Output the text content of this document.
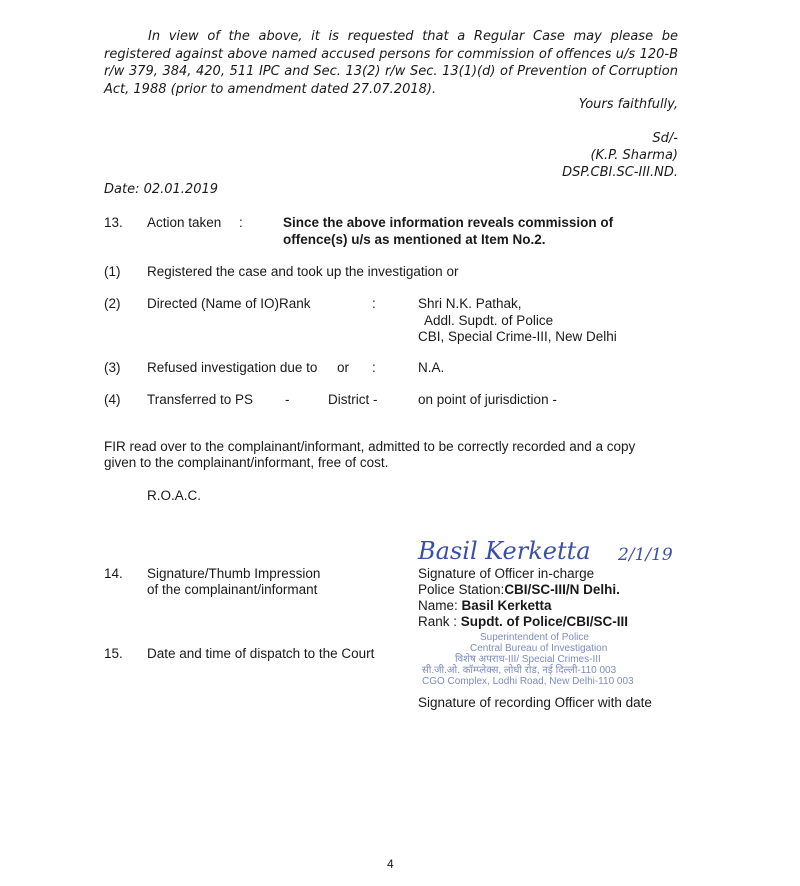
In view of the above, it is requested that a Regular Case may please be registered against above named accused persons for commission of offences u/s 120-B r/w 379, 384, 420, 511 IPC and Sec. 13(2) r/w Sec. 13(1)(d) of Prevention of Corruption Act, 1988 (prior to amendment dated 27.07.2018).
Yours faithfully,
Sd/-
(K.P. Sharma)
DSP.CBI.SC-III.ND.
Date: 02.01.2019
13. Action taken :	Since the above information reveals commission of
offence(s) u/s as mentioned at Item No.2.
(1) Registered the case and took up the investigation or
(2) Directed (Name of IO)Rank	:	Shri N.K. Pathak,
Addl. Supdt. of Police
CBI, Special Crime-III, New Delhi
(3) Refused investigation due to or :	N.A.
(4) Transferred to PS -	District -	on point of jurisdiction -
FIR read over to the complainant/informant, admitted to be correctly recorded and a copy
given to the complainant/informant, free of cost.
R.O.A.C.
14. Signature/Thumb Impression
of the complainant/informant
Basil Kerketta 2/1/19
Signature of Officer in-charge
Police Station:CBI/SC-III/N Delhi.
Name: Basil Kerketta
Rank : Supdt. of Police/CBI/SC-III
Superintendent of Police
Central Bureau of Investigation
विशेष अपराध-III/ Special Crimes-III
सी.जी.ओ. कॉम्प्लेक्स, लोधी रोड, नई दिल्ली-110 003
CGO Complex, Lodhi Road, New Delhi-110 003
15. Date and time of dispatch to the Court
Signature of recording Officer with date
4
